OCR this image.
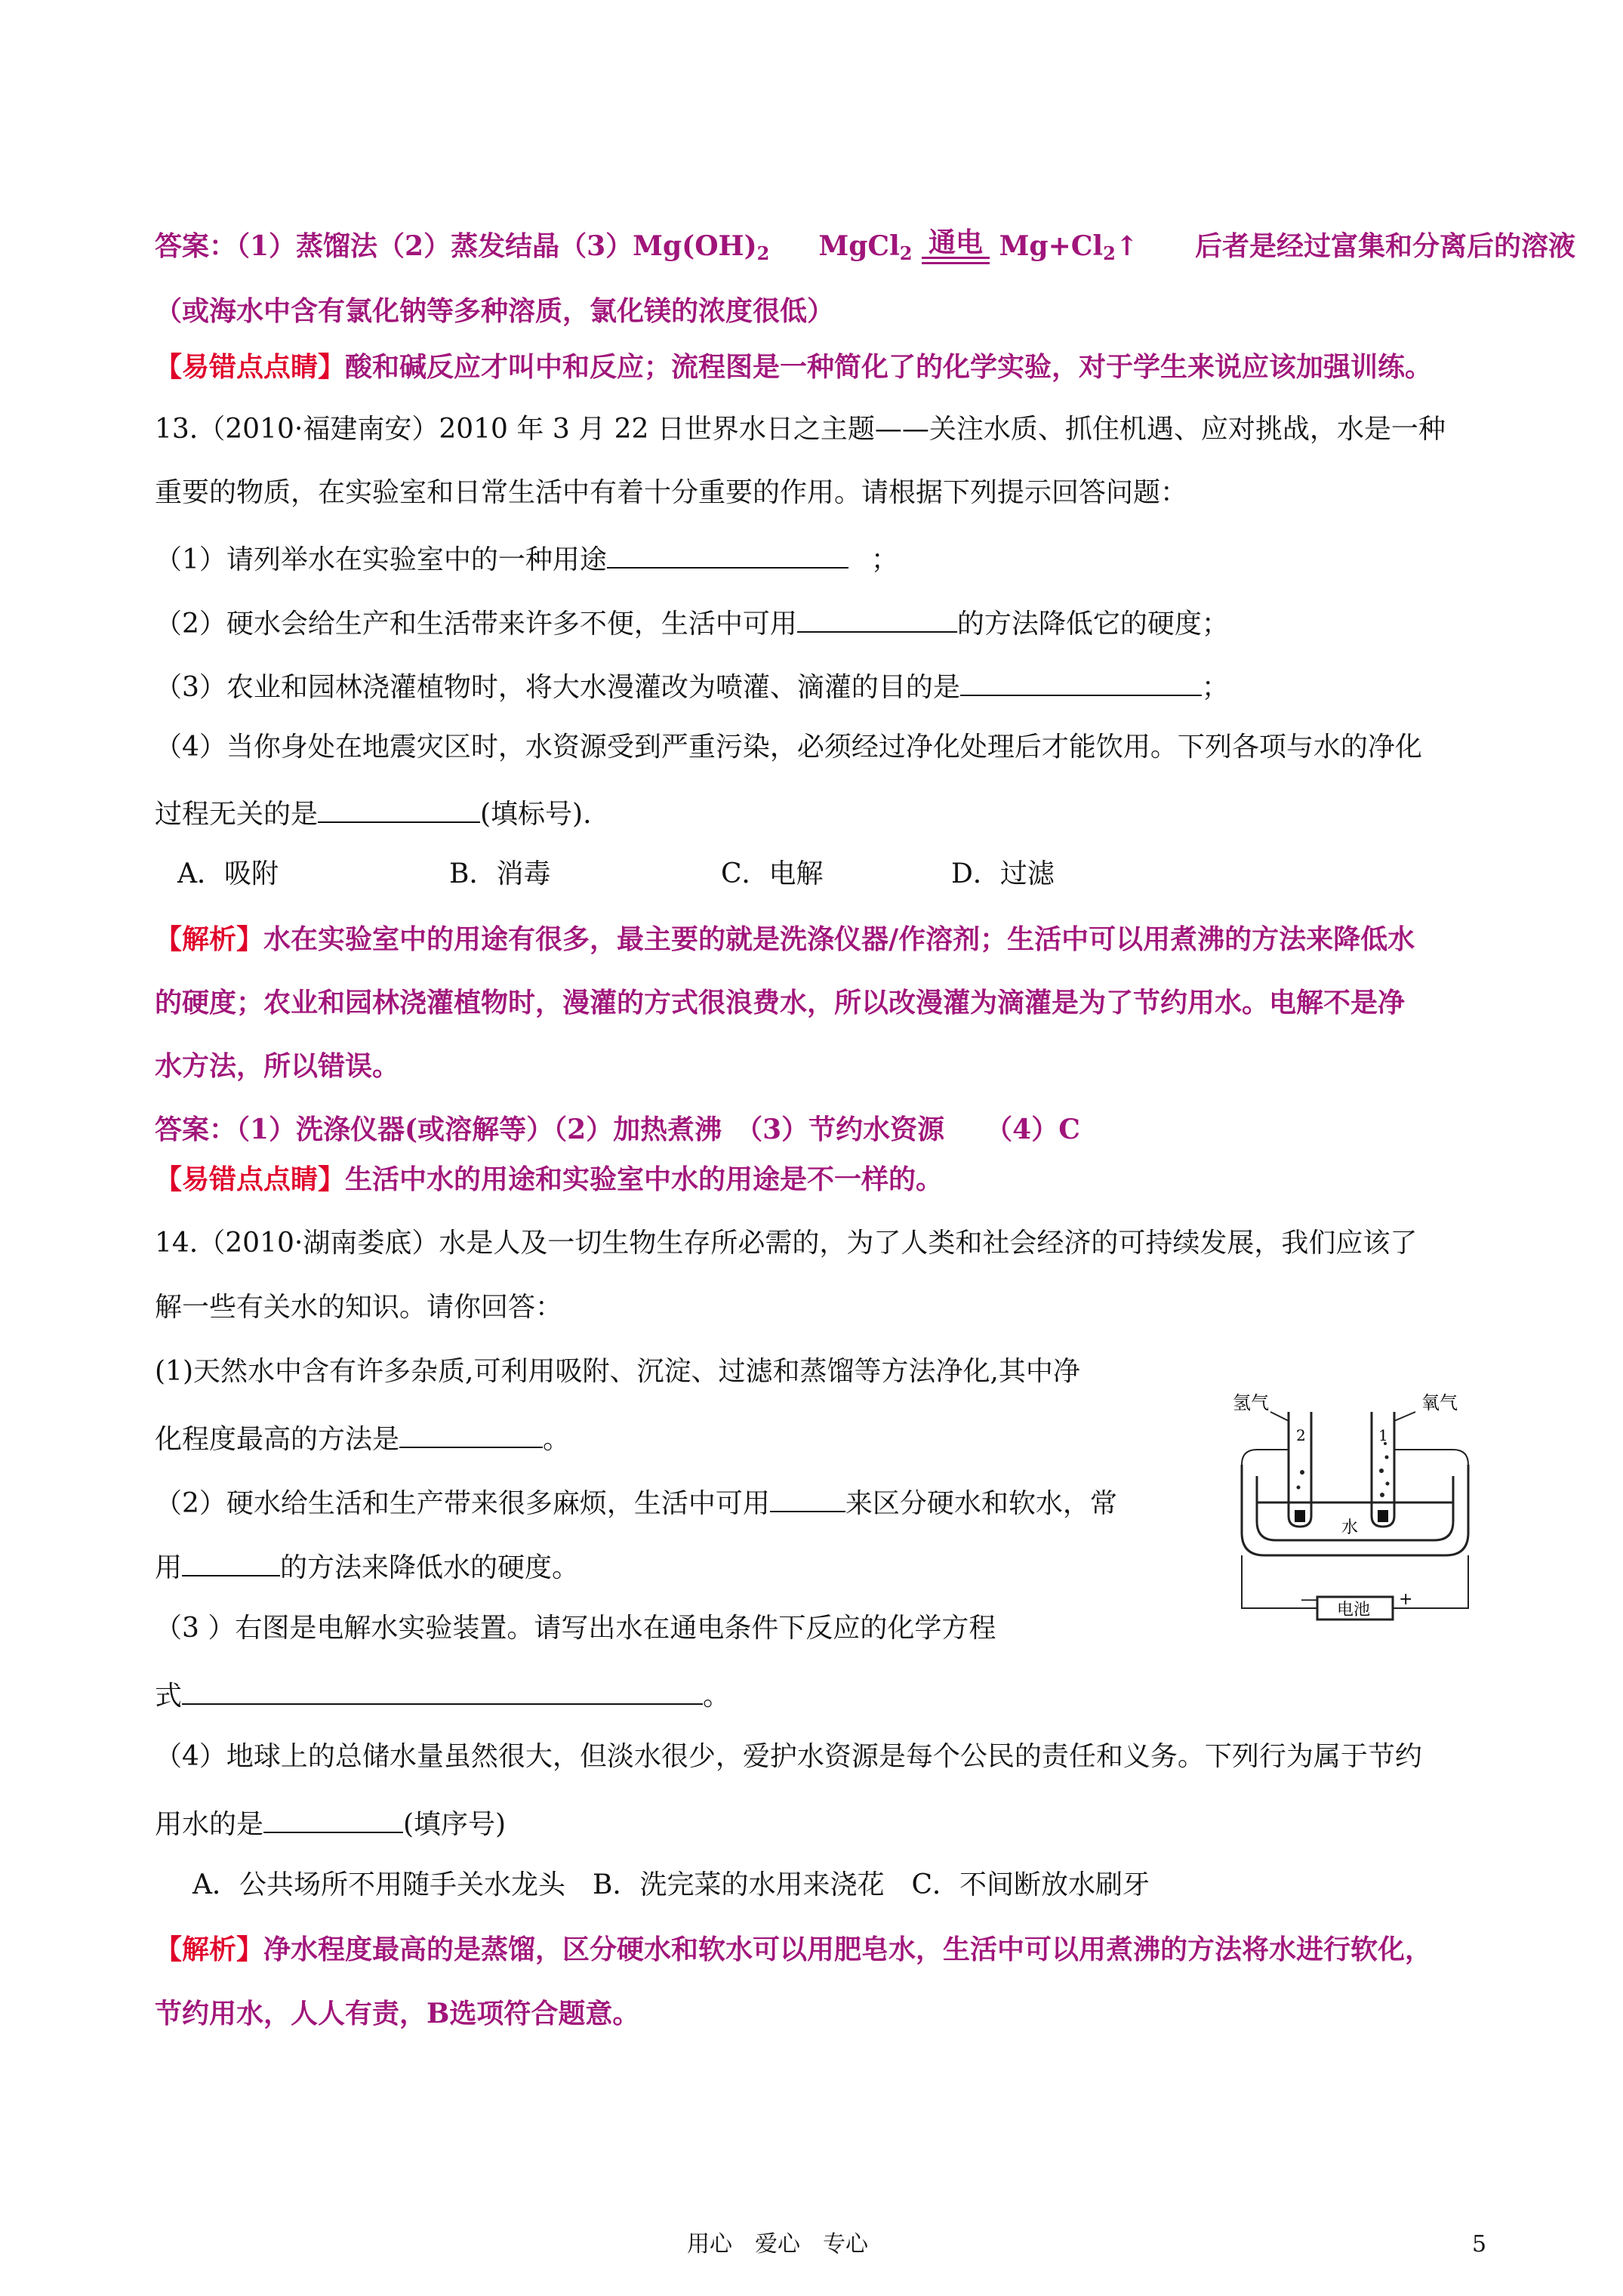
答案：（1）蒸馏法（2）蒸发结晶$(3)Mg(OH)_2$ MgCl$_2$ 通电 $Mg+Cl_2↑$ 后者是经过富集和分离后的溶液
（或海水中含有氯化钠等多种溶质，氯化镁的浓度很低）
【易错点点睛】酸和碱反应才叫中和反应；流程图是一种简化了的化学实验，对于学生来说应该加强训练。
13.（2010·福建南安）2010 年 3 月 22 日世界水日之主题——关注水质、抓住机遇、应对挑战，水是一种
重要的物质，在实验室和日常生活中有着十分重要的作用。请根据下列提示回答问题：
（1）请列举水在实验室中的一种用途	；
（2）硬水会给生产和生活带来许多不便，生活中可用	的方法降低它的硬度；
（3）农业和园林浇灌植物时，将大水漫灌改为喷灌、滴灌的目的是	；
（4）当你身处在地震灾区时，水资源受到严重污染，必须经过净化处理后才能饮用。下列各项与水的净化
过程无关的是	(填标号).
A．吸附	B．消毒	C．电解	D．过滤
【解析】水在实验室中的用途有很多，最主要的就是洗涤仪器/作溶剂；生活中可以用煮沸的方法来降低水
的硬度；农业和园林浇灌植物时，漫灌的方式很浪费水，所以改漫灌为滴灌是为了节约用水。电解不是净
水方法，所以错误。
答案：（1）洗涤仪器(或溶解等）（2）加热煮沸　（3）节约水资源　　（4）C
【易错点点睛】生活中水的用途和实验室中水的用途是不一样的。
14.（2010·湖南娄底）水是人及一切生物生存所必需的，为了人类和社会经济的可持续发展，我们应该了
解一些有关水的知识。请你回答：
(1)天然水中含有许多杂质,可利用吸附、沉淀、过滤和蒸馏等方法净化,其中净
化程度最高的方法是	。
（2）硬水给生活和生产带来很多麻烦，生活中可用	来区分硬水和软水，常
用	的方法来降低水的硬度。
（3 ）右图是电解水实验装置。请写出水在通电条件下反应的化学方程
式	。
（4）地球上的总储水量虽然很大，但淡水很少，爱护水资源是每个公民的责任和义务。下列行为属于节约
用水的是	(填序号)
A．公共场所不用随手关水龙头　B．洗完菜的水用来浇花　C．不间断放水刷牙
【解析】净水程度最高的是蒸馏，区分硬水和软水可以用肥皂水，生活中可以用煮沸的方法将水进行软化，
节约用水，人人有责，B选项符合题意。
氢气	氧气
2	1
水
电池
—	+
用心　爱心　专心	5
